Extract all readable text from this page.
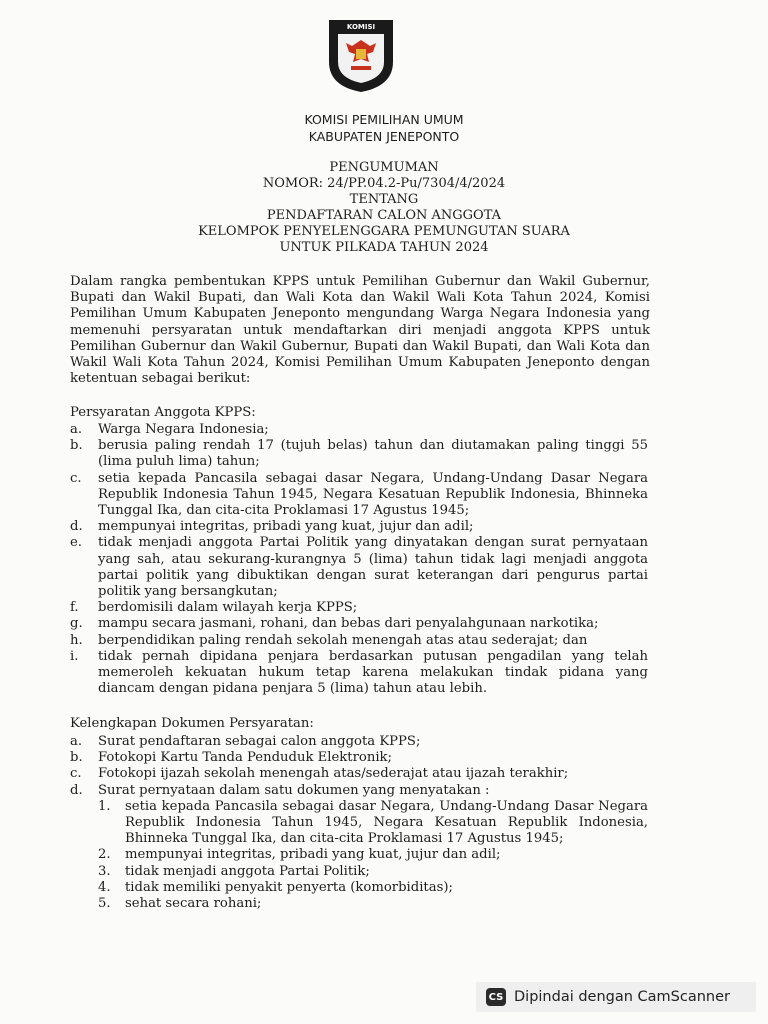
KOMISI
KOMISI PEMILIHAN UMUM
KABUPATEN JENEPONTO
PENGUMUMAN
NOMOR: 24/PP.04.2-Pu/7304/4/2024
TENTANG
PENDAFTARAN CALON ANGGOTA
KELOMPOK PENYELENGGARA PEMUNGUTAN SUARA
UNTUK PILKADA TAHUN 2024
Dalam rangka pembentukan KPPS untuk Pemilihan Gubernur dan Wakil Gubernur, Bupati dan Wakil Bupati, dan Wali Kota dan Wakil Wali Kota Tahun 2024, Komisi Pemilihan Umum Kabupaten Jeneponto mengundang Warga Negara Indonesia yang memenuhi persyaratan untuk mendaftarkan diri menjadi anggota KPPS untuk Pemilihan Gubernur dan Wakil Gubernur, Bupati dan Wakil Bupati, dan Wali Kota dan Wakil Wali Kota Tahun 2024, Komisi Pemilihan Umum Kabupaten Jeneponto dengan ketentuan sebagai berikut:
Persyaratan Anggota KPPS:
a. Warga Negara Indonesia;
b. berusia paling rendah 17 (tujuh belas) tahun dan diutamakan paling tinggi 55 (lima puluh lima) tahun;
c. setia kepada Pancasila sebagai dasar Negara, Undang-Undang Dasar Negara Republik Indonesia Tahun 1945, Negara Kesatuan Republik Indonesia, Bhinneka Tunggal Ika, dan cita-cita Proklamasi 17 Agustus 1945;
d. mempunyai integritas, pribadi yang kuat, jujur dan adil;
e. tidak menjadi anggota Partai Politik yang dinyatakan dengan surat pernyataan yang sah, atau sekurang-kurangnya 5 (lima) tahun tidak lagi menjadi anggota partai politik yang dibuktikan dengan surat keterangan dari pengurus partai politik yang bersangkutan;
f. berdomisili dalam wilayah kerja KPPS;
g. mampu secara jasmani, rohani, dan bebas dari penyalahgunaan narkotika;
h. berpendidikan paling rendah sekolah menengah atas atau sederajat; dan
i. tidak pernah dipidana penjara berdasarkan putusan pengadilan yang telah memeroleh kekuatan hukum tetap karena melakukan tindak pidana yang diancam dengan pidana penjara 5 (lima) tahun atau lebih.
Kelengkapan Dokumen Persyaratan:
a. Surat pendaftaran sebagai calon anggota KPPS;
b. Fotokopi Kartu Tanda Penduduk Elektronik;
c. Fotokopi ijazah sekolah menengah atas/sederajat atau ijazah terakhir;
d. Surat pernyataan dalam satu dokumen yang menyatakan :
1. setia kepada Pancasila sebagai dasar Negara, Undang-Undang Dasar Negara Republik Indonesia Tahun 1945, Negara Kesatuan Republik Indonesia, Bhinneka Tunggal Ika, dan cita-cita Proklamasi 17 Agustus 1945;
2. mempunyai integritas, pribadi yang kuat, jujur dan adil;
3. tidak menjadi anggota Partai Politik;
4. tidak memiliki penyakit penyerta (komorbiditas);
5. sehat secara rohani;
CS Dipindai dengan CamScanner
